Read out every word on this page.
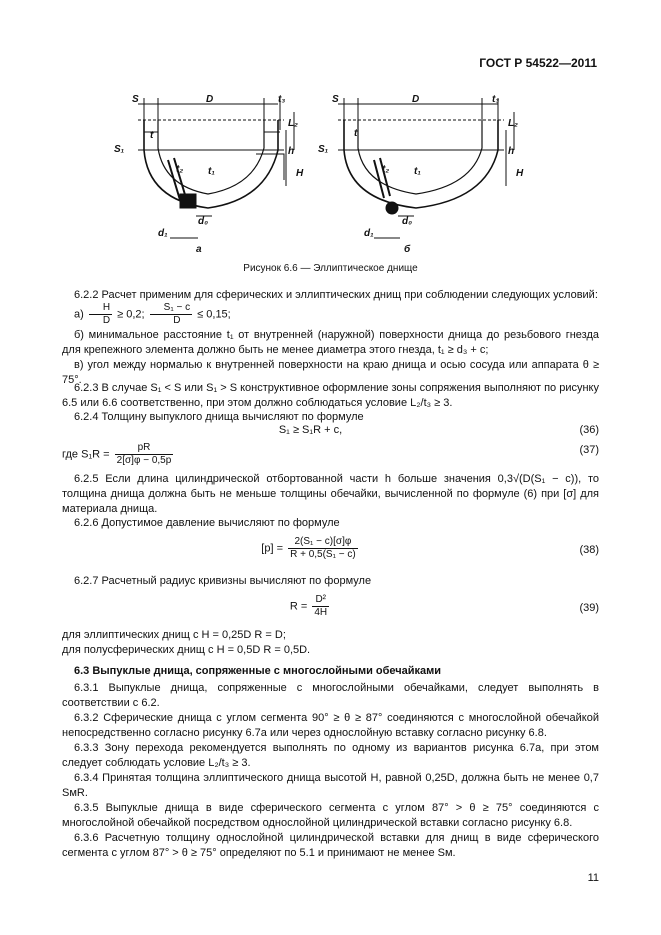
ГОСТ Р 54522—2011
S	D	t₃
L₂
h
H
S₁
t
t₁
t₂
d₀
d₁
а
S	D	t₃
L₂
h
H
S₁
t
t₁
t₂
d₀
d₁
б
Рисунок 6.6 — Эллиптическое днище
6.2.2 Расчет применим для сферических и эллиптических днищ при соблюдении следующих условий:
$а) \frac{H}{D} \ge 0,2$; $\frac{\text{S₁ − c}}{D} \le 0,15$;
б) минимальное расстояние t₁ от внутренней (наружной) поверхности днища до резьбового гнезда для крепежного элемента должно быть не менее диаметра этого гнезда, t₁ ≥ d₃ + c;
в) угол между нормалью к внутренней поверхности на краю днища и осью сосуда или аппарата θ ≥ 75°.
6.2.3 В случае S₁ < S или S₁ > S конструктивное оформление зоны сопряжения выполняют по рисунку 6.5 или 6.6 соответственно, при этом должно соблюдаться условие L₂/t₃ ≥ 3.
6.2.4 Толщину выпуклого днища вычисляют по формуле
S₁ ≥ S₁R + c,	(36)
где $S_1R = \frac{pR}{2[\sigma]\varphi - 0,5p}$	(37)
6.2.5 Если длина цилиндрической отбортованной части h больше значения 0,3√(D(S₁ − c)), то толщина днища должна быть не меньше толщины обечайки, вычисленной по формуле (6) при [σ] для материала днища.
6.2.6 Допустимое давление вычисляют по формуле
$[p] = \frac{\text{2(S₁ − c)[σ]φ}}{\text{R + 0,5(S₁ − c)}}$	(38)
6.2.7 Расчетный радиус кривизны вычисляют по формуле
$R = \frac{\text{D²}}{4H}$	(39)
для эллиптических днищ с H = 0,25D R = D;
для полусферических днищ с H = 0,5D R = 0,5D.
6.3 Выпуклые днища, сопряженные с многослойными обечайками
6.3.1 Выпуклые днища, сопряженные с многослойными обечайками, следует выполнять в соответствии с 6.2.
6.3.2 Сферические днища с углом сегмента 90° ≥ θ ≥ 87° соединяются с многослойной обечайкой непосредственно согласно рисунку 6.7а или через однослойную вставку согласно рисунку 6.8.
6.3.3 Зону перехода рекомендуется выполнять по одному из вариантов рисунка 6.7а, при этом следует соблюдать условие L₂/t₃ ≥ 3.
6.3.4 Принятая толщина эллиптического днища высотой H, равной 0,25D, должна быть не менее 0,7 SмR.
6.3.5 Выпуклые днища в виде сферического сегмента с углом 87° > θ ≥ 75° соединяются с многослойной обечайкой посредством однослойной цилиндрической вставки согласно рисунку 6.8.
6.3.6 Расчетную толщину однослойной цилиндрической вставки для днищ в виде сферического сегмента с углом 87° > θ ≥ 75° определяют по 5.1 и принимают не менее Sм.
11
